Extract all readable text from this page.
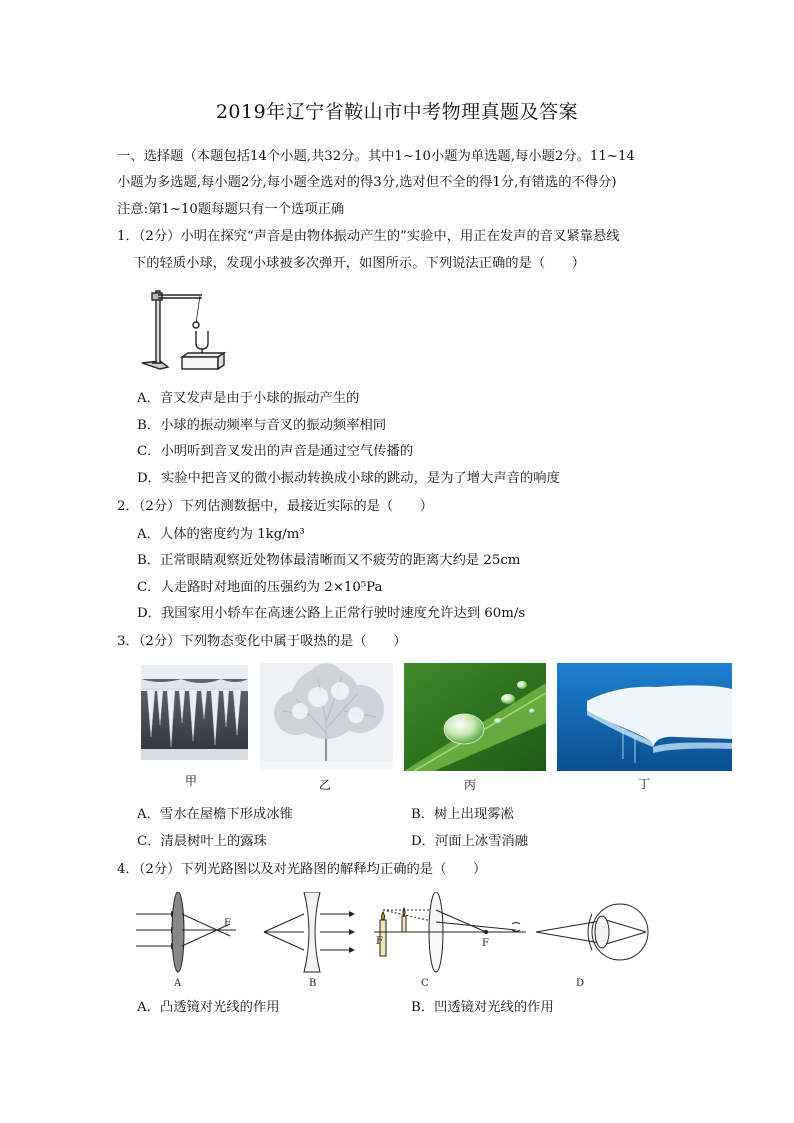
2019年辽宁省鞍山市中考物理真题及答案
一、选择题（本题包括14个小题,共32分。其中1~10小题为单选题,每小题2分。11~14
小题为多选题,每小题2分,每小题全选对的得3分,选对但不全的得1分,有错选的不得分)
注意:第1~10题每题只有一个选项正确
1．（2分）小明在探究“声音是由物体振动产生的”实验中，用正在发声的音叉紧靠悬线
下的轻质小球，发现小球被多次弹开，如图所示。下列说法正确的是（　　）
A．音叉发声是由于小球的振动产生的
B．小球的振动频率与音叉的振动频率相同
C．小明听到音叉发出的声音是通过空气传播的
D．实验中把音叉的微小振动转换成小球的跳动，是为了增大声音的响度
2．（2分）下列估测数据中，最接近实际的是（　　）
A．人体的密度约为 1kg/m³
B．正常眼睛观察近处物体最清晰而又不疲劳的距离大约是 25cm
C．人走路时对地面的压强约为 2×10⁵Pa
D．我国家用小轿车在高速公路上正常行驶时速度允许达到 60m/s
3．（2分）下列物态变化中属于吸热的是（　　）
甲	乙	丙	丁
A．雪水在屋檐下形成冰锥	B．树上出现雾凇
C．清晨树叶上的露珠	D．河面上冰雪消融
4．（2分）下列光路图以及对光路图的解释均正确的是（　　）
F
A	B
F	F
C	D
A．凸透镜对光线的作用	B．凹透镜对光线的作用
